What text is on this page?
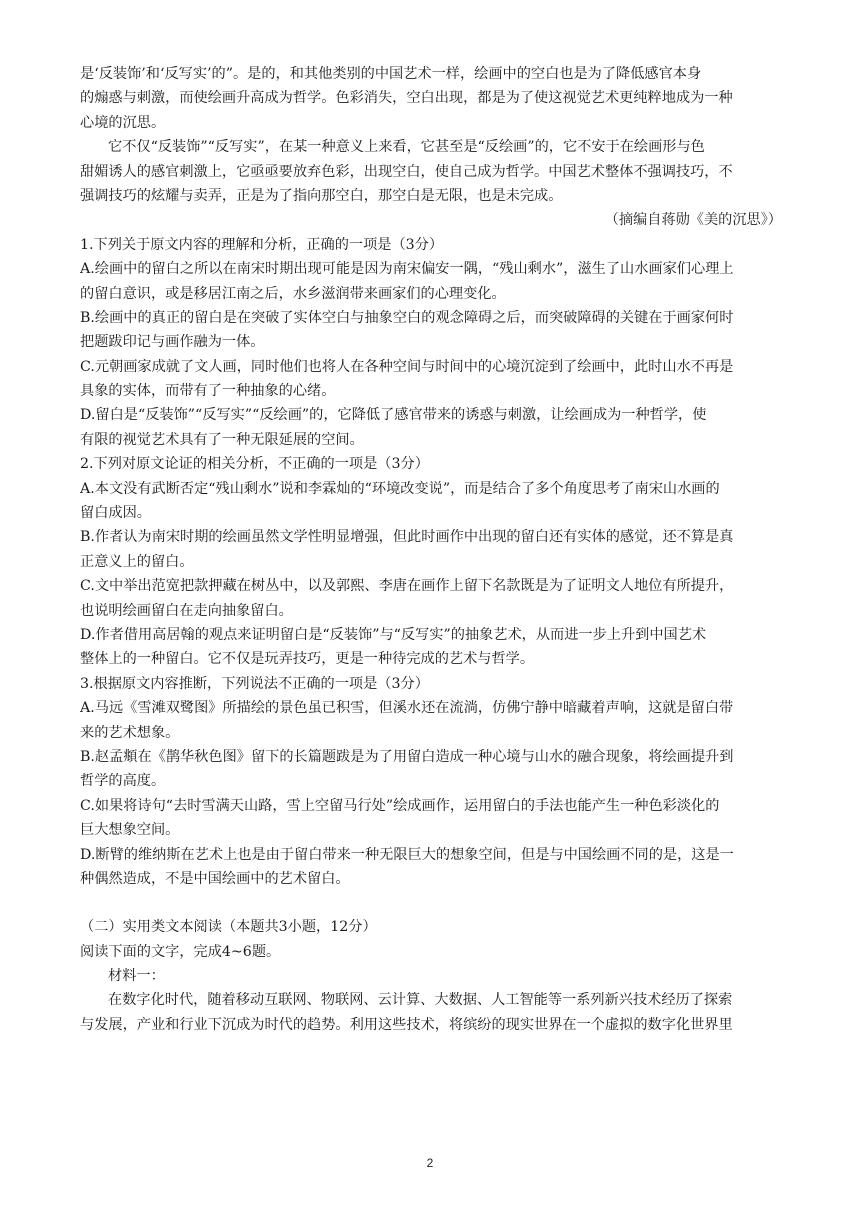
是‘反装饰’和‘反写实’的”。是的，和其他类别的中国艺术一样，绘画中的空白也是为了降低感官本身
的煽惑与刺激，而使绘画升高成为哲学。色彩消失，空白出现，都是为了使这视觉艺术更纯粹地成为一种
心境的沉思。
它不仅“反装饰”“反写实”，在某一种意义上来看，它甚至是“反绘画”的，它不安于在绘画形与色
甜媚诱人的感官刺激上，它亟亟要放弃色彩，出现空白，使自己成为哲学。中国艺术整体不强调技巧，不
强调技巧的炫耀与卖弄，正是为了指向那空白，那空白是无限，也是未完成。
（摘编自蒋勋《美的沉思》）
1.下列关于原文内容的理解和分析，正确的一项是（3分）
A.绘画中的留白之所以在南宋时期出现可能是因为南宋偏安一隅，“残山剩水”，滋生了山水画家们心理上
的留白意识，或是移居江南之后，水乡滋润带来画家们的心理变化。
B.绘画中的真正的留白是在突破了实体空白与抽象空白的观念障碍之后，而突破障碍的关键在于画家何时
把题跋印记与画作融为一体。
C.元朝画家成就了文人画，同时他们也将人在各种空间与时间中的心境沉淀到了绘画中，此时山水不再是
具象的实体，而带有了一种抽象的心绪。
D.留白是“反装饰”“反写实”“反绘画”的，它降低了感官带来的诱惑与刺激，让绘画成为一种哲学，使
有限的视觉艺术具有了一种无限延展的空间。
2.下列对原文论证的相关分析，不正确的一项是（3分）
A.本文没有武断否定“残山剩水”说和李霖灿的“环境改变说”，而是结合了多个角度思考了南宋山水画的
留白成因。
B.作者认为南宋时期的绘画虽然文学性明显增强，但此时画作中出现的留白还有实体的感觉，还不算是真
正意义上的留白。
C.文中举出范宽把款押藏在树丛中，以及郭熙、李唐在画作上留下名款既是为了证明文人地位有所提升，
也说明绘画留白在走向抽象留白。
D.作者借用高居翰的观点来证明留白是“反装饰”与“反写实”的抽象艺术，从而进一步上升到中国艺术
整体上的一种留白。它不仅是玩弄技巧，更是一种待完成的艺术与哲学。
3.根据原文内容推断，下列说法不正确的一项是（3分）
A.马远《雪滩双鹭图》所描绘的景色虽已积雪，但溪水还在流淌，仿佛宁静中暗藏着声响，这就是留白带
来的艺术想象。
B.赵孟頫在《鹊华秋色图》留下的长篇题跋是为了用留白造成一种心境与山水的融合现象，将绘画提升到
哲学的高度。
C.如果将诗句“去时雪满天山路，雪上空留马行处”绘成画作，运用留白的手法也能产生一种色彩淡化的
巨大想象空间。
D.断臂的维纳斯在艺术上也是由于留白带来一种无限巨大的想象空间，但是与中国绘画不同的是，这是一
种偶然造成，不是中国绘画中的艺术留白。
（二）实用类文本阅读（本题共3小题，12分）
阅读下面的文字，完成4~6题。
材料一：
在数字化时代，随着移动互联网、物联网、云计算、大数据、人工智能等一系列新兴技术经历了探索
与发展，产业和行业下沉成为时代的趋势。利用这些技术，将缤纷的现实世界在一个虚拟的数字化世界里
2
